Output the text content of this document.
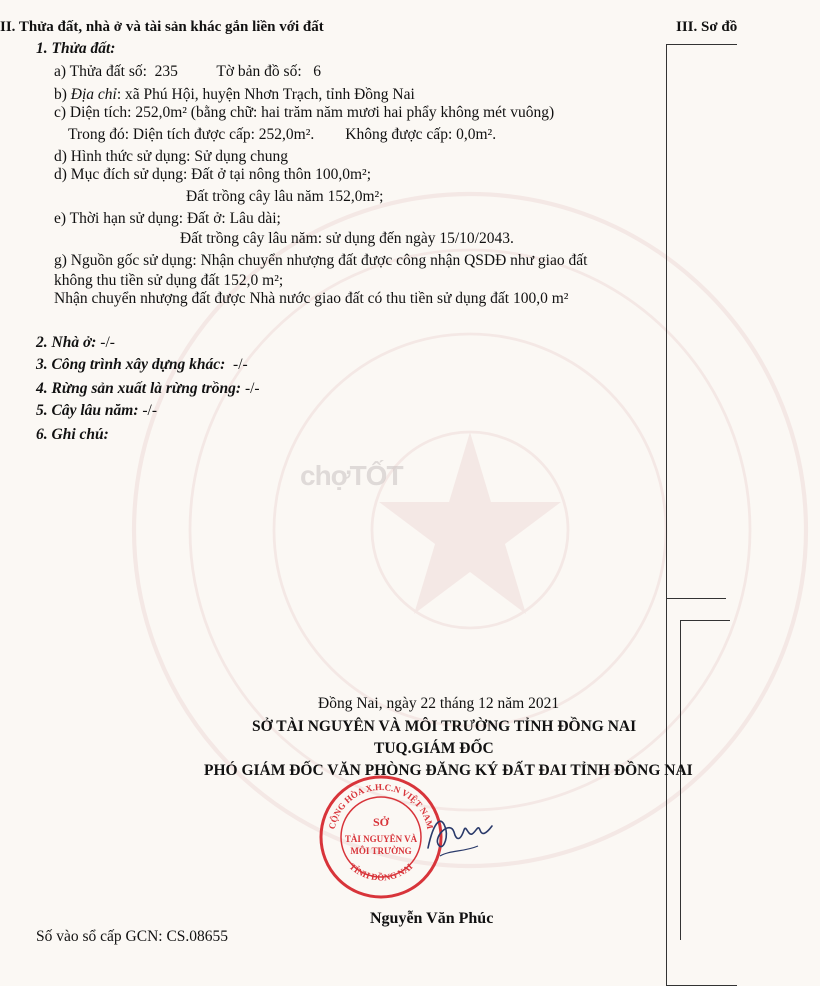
chợTỐT
II. Thửa đất, nhà ở và tài sản khác gắn liền với đất	III. Sơ đồ
1. Thửa đất:
a) Thửa đất số:  235          Tờ bản đồ số:   6
b) Địa chỉ: xã Phú Hội, huyện Nhơn Trạch, tỉnh Đồng Nai
c) Diện tích: 252,0m² (bằng chữ: hai trăm năm mươi hai phẩy không mét vuông)
Trong đó: Diện tích được cấp: 252,0m².        Không được cấp: 0,0m².
d) Hình thức sử dụng: Sử dụng chung
d) Mục đích sử dụng: Đất ở tại nông thôn 100,0m²;
Đất trồng cây lâu năm 152,0m²;
e) Thời hạn sử dụng: Đất ở: Lâu dài;
Đất trồng cây lâu năm: sử dụng đến ngày 15/10/2043.
g) Nguồn gốc sử dụng: Nhận chuyển nhượng đất được công nhận QSDĐ như giao đất
không thu tiền sử dụng đất 152,0 m²;
Nhận chuyển nhượng đất được Nhà nước giao đất có thu tiền sử dụng đất 100,0 m²
2. Nhà ở: -/-
3. Công trình xây dựng khác:  -/-
4. Rừng sản xuất là rừng trồng: -/-
5. Cây lâu năm: -/-
6. Ghi chú:
Đồng Nai, ngày 22 tháng 12 năm 2021
SỞ TÀI NGUYÊN VÀ MÔI TRƯỜNG TỈNH ĐỒNG NAI
TUQ.GIÁM ĐỐC
PHÓ GIÁM ĐỐC VĂN PHÒNG ĐĂNG KÝ ĐẤT ĐAI TỈNH ĐỒNG NAI
CỘNG HÒA X.H.C.N VIỆT NAM
TỈNH ĐỒNG NAI
SỞ
TÀI NGUYÊN VÀ
MÔI TRƯỜNG
Nguyễn Văn Phúc
Số vào sổ cấp GCN: CS.08655
